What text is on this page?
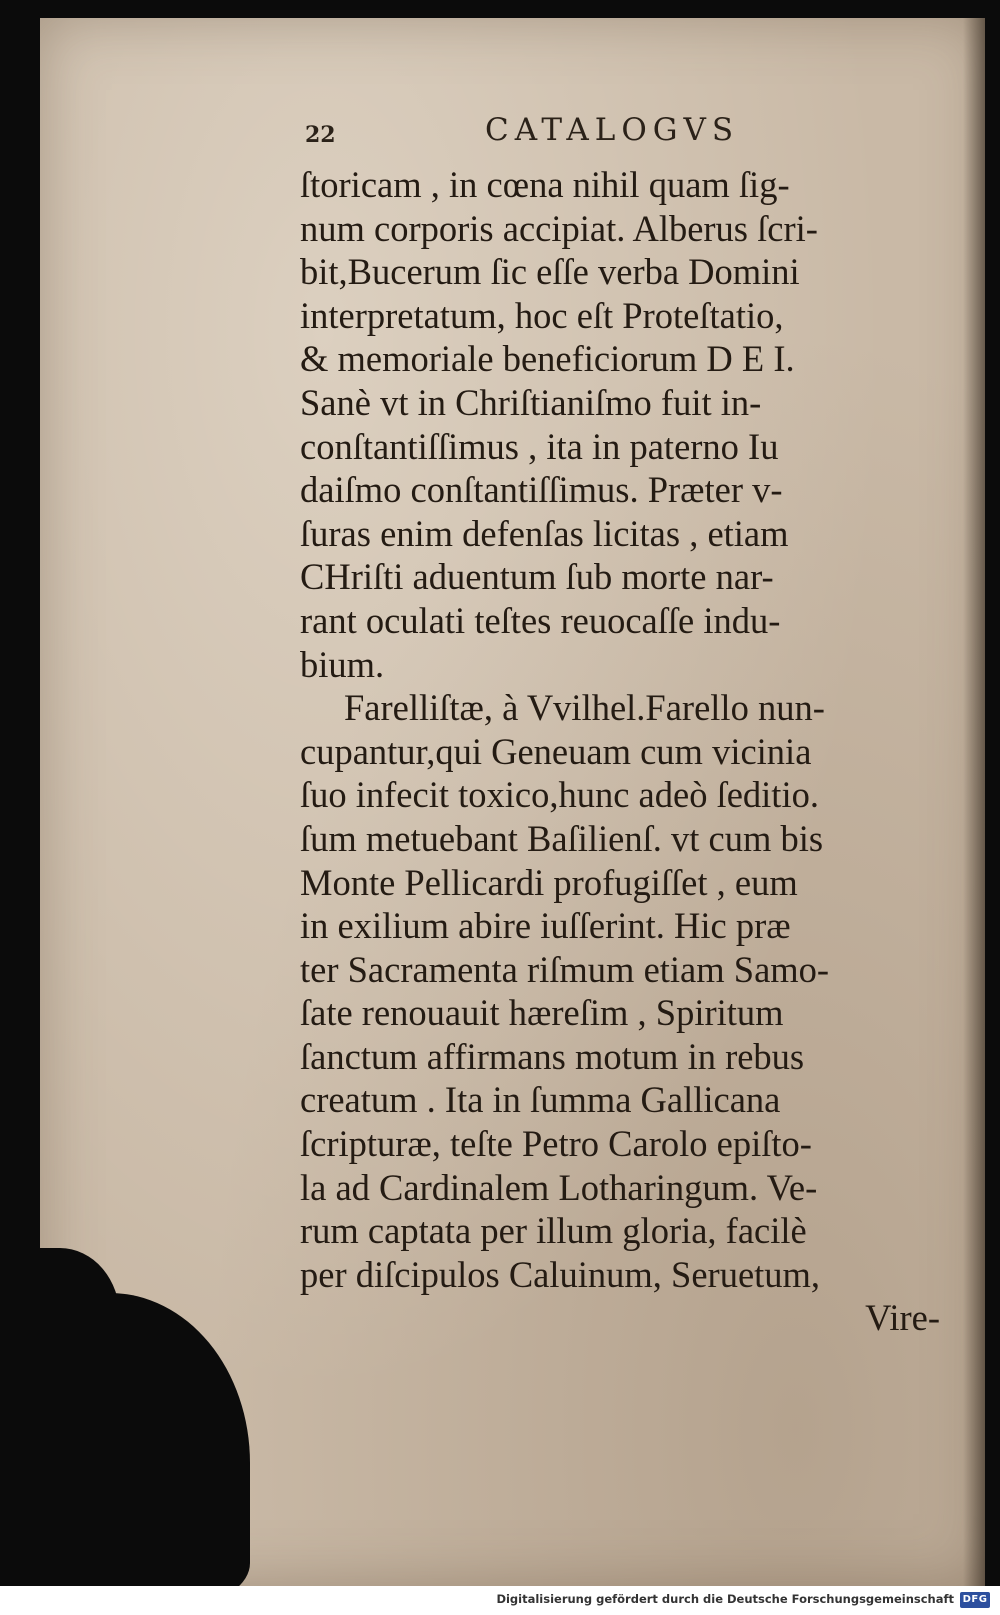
22	CATALOGVS
ſtoricam , in cœna nihil quam ſig-
num corporis accipiat. Alberus ſcri-
bit,Bucerum ſic eſſe verba Domini
interpretatum, hoc eſt Proteſtatio,
& memoriale beneficiorum D E I.
Sanè vt in Chriſtianiſmo fuit in-
conſtantiſſimus , ita in paterno Iu
daiſmo conſtantiſſimus. Præter v-
ſuras enim defenſas licitas , etiam
CHriſti aduentum ſub morte nar-
rant oculati teſtes reuocaſſe indu-
bium.
Farelliſtæ, à Vvilhel.Farello nun-
cupantur,qui Geneuam cum vicinia
ſuo infecit toxico,hunc adeò ſeditio.
ſum metuebant Baſilienſ. vt cum bis
Monte Pellicardi profugiſſet , eum
in exilium abire iuſſerint. Hic præ
ter Sacramenta riſmum etiam Samo-
ſate renouauit hæreſim , Spiritum
ſanctum affirmans motum in rebus
creatum . Ita in ſumma Gallicana
ſcripturæ, teſte Petro Carolo epiſto-
la ad Cardinalem Lotharingum. Ve-
rum captata per illum gloria, facilè
per diſcipulos Caluinum, Seruetum,
Vire-
Digitalisierung gefördert durch die Deutsche Forschungsgemeinschaft DFG
